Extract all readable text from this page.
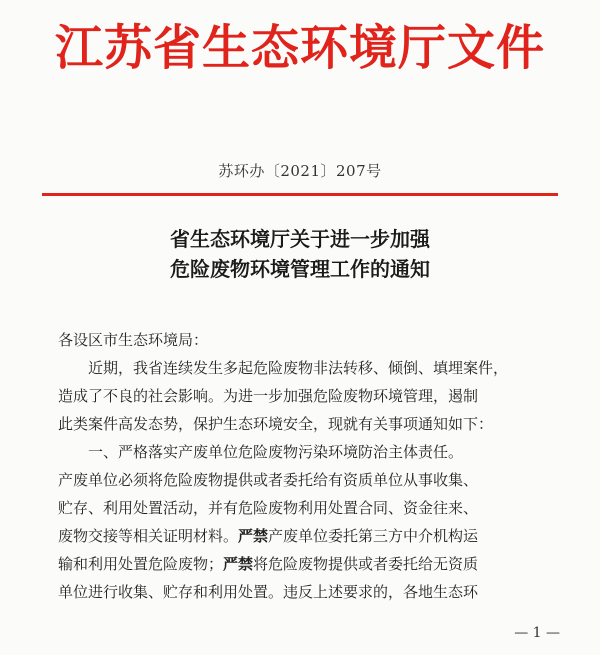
江苏省生态环境厅文件
苏环办〔2021〕207号
省生态环境厅关于进一步加强
危险废物环境管理工作的通知
各设区市生态环境局：
近期，我省连续发生多起危险废物非法转移、倾倒、填埋案件，
造成了不良的社会影响。为进一步加强危险废物环境管理，遏制
此类案件高发态势，保护生态环境安全，现就有关事项通知如下：
一、严格落实产废单位危险废物污染环境防治主体责任。
产废单位必须将危险废物提供或者委托给有资质单位从事收集、
贮存、利用处置活动，并有危险废物利用处置合同、资金往来、
废物交接等相关证明材料。严禁产废单位委托第三方中介机构运
输和利用处置危险废物；严禁将危险废物提供或者委托给无资质
单位进行收集、贮存和利用处置。违反上述要求的，各地生态环
— 1 —
